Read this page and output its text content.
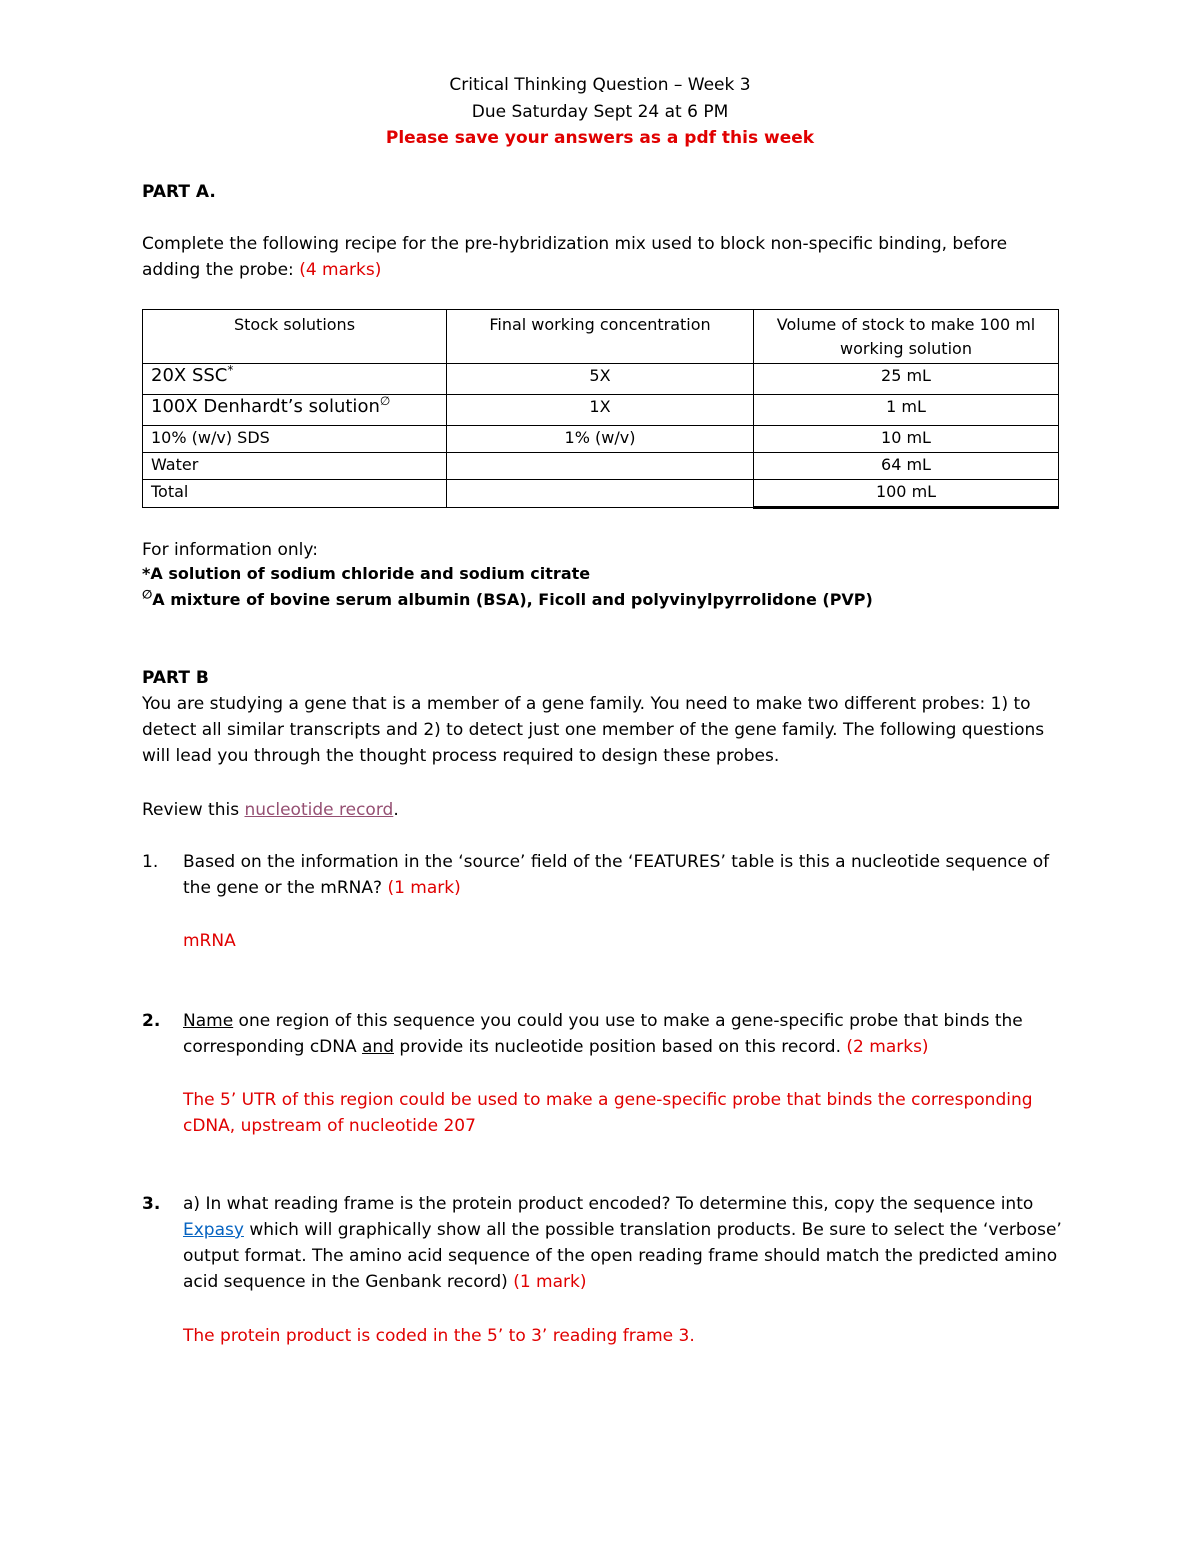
Critical Thinking Question – Week 3
Due Saturday Sept 24 at 6 PM
Please save your answers as a pdf this week
PART A.
Complete the following recipe for the pre-hybridization mix used to block non-specific binding, before adding the probe: (4 marks)
Stock solutions	Final working concentration	Volume of stock to make 100 ml working solution
20X SSC*	5X	25 mL
100X Denhardt’s solution∅	1X	1 mL
10% (w/v) SDS	1% (w/v)	10 mL
Water		64 mL
Total		100 mL
For information only:
*A solution of sodium chloride and sodium citrate
∅A mixture of bovine serum albumin (BSA), Ficoll and polyvinylpyrrolidone (PVP)
PART B
You are studying a gene that is a member of a gene family. You need to make two different probes: 1) to detect all similar transcripts and 2) to detect just one member of the gene family. The following questions will lead you through the thought process required to design these probes.
Review this nucleotide record.
1. Based on the information in the ‘source’ field of the ‘FEATURES’ table is this a nucleotide sequence of the gene or the mRNA? (1 mark)
mRNA
2. Name one region of this sequence you could you use to make a gene-specific probe that binds the corresponding cDNA and provide its nucleotide position based on this record. (2 marks)
The 5’ UTR of this region could be used to make a gene-specific probe that binds the corresponding cDNA, upstream of nucleotide 207
3. a) In what reading frame is the protein product encoded? To determine this, copy the sequence into Expasy which will graphically show all the possible translation products. Be sure to select the ‘verbose’ output format. The amino acid sequence of the open reading frame should match the predicted amino acid sequence in the Genbank record) (1 mark)
The protein product is coded in the 5’ to 3’ reading frame 3.
